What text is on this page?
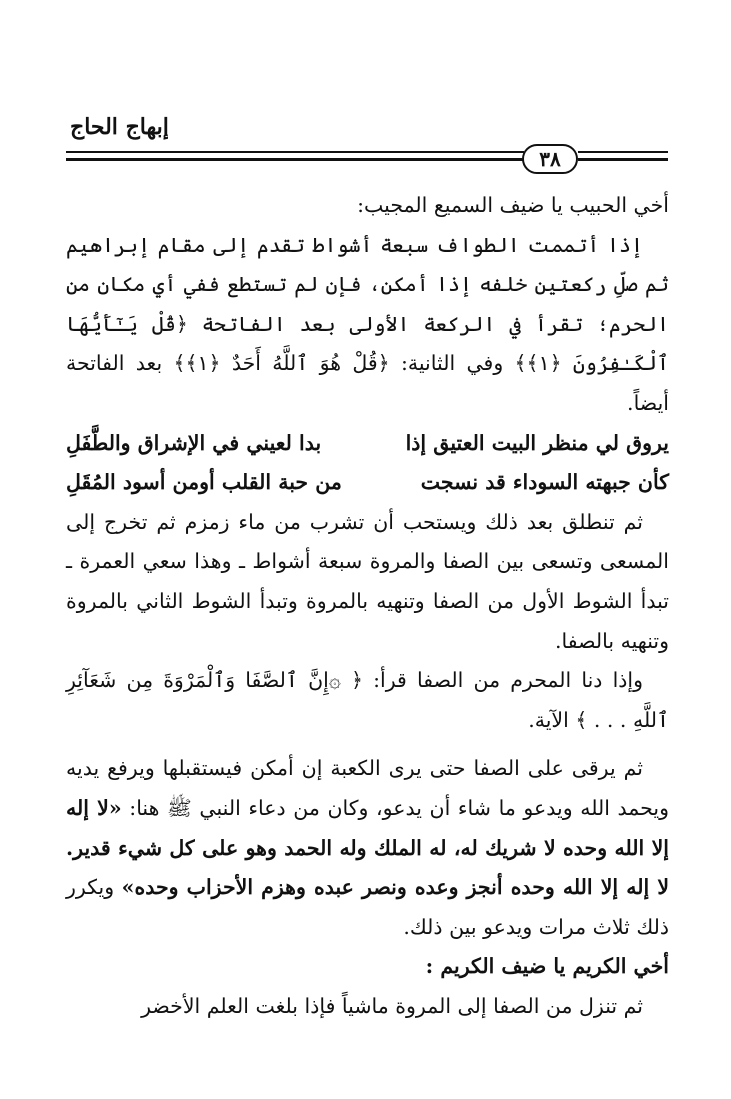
إبهاج الحاج
٣٨

أخي الحبيب يا ضيف السميع المجيب:

إذا أتممت الطواف سبعة أشواط تقدم إلى مقام إبراهيم ثم صلِّ ركعتين خلفه إذا أمكن، فإن لم تستطع ففي أي مكان من الحرم؛ تقرأ في الركعة الأولى بعد الفاتحة ﴿قُلْ يَـٰٓأَيُّهَا ٱلْكَـٰفِرُونَ ﴿١﴾﴾ وفي الثانية: ﴿قُلْ هُوَ ٱللَّهُ أَحَدٌ ﴿١﴾﴾ بعد الفاتحة أيضاً.

يروق لي منظر البيت العتيق إذا
بدا لعيني في الإشراق والطَّفَلِ
كأن جبهته السوداء قد نسجت
من حبة القلب أومن أسود المُقَلِ

ثم تنطلق بعد ذلك ويستحب أن تشرب من ماء زمزم ثم تخرج إلى المسعى وتسعى بين الصفا والمروة سبعة أشواط ـ وهذا سعي العمرة ـ تبدأ الشوط الأول من الصفا وتنهيه بالمروة وتبدأ الشوط الثاني بالمروة وتنهيه بالصفا.

وإذا دنا المحرم من الصفا قرأ: ﴿ ۞إِنَّ ٱلصَّفَا وَٱلْمَرْوَةَ مِن شَعَآئِرِ ٱللَّهِ . . . ﴾ الآية.

ثم يرقى على الصفا حتى يرى الكعبة إن أمكن فيستقبلها ويرفع يديه ويحمد الله ويدعو ما شاء أن يدعو، وكان من دعاء النبي ﷺ هنا: «لا إله إلا الله وحده لا شريك له، له الملك وله الحمد وهو على كل شيء قدير. لا إله إلا الله وحده أنجز وعده ونصر عبده وهزم الأحزاب وحده» ويكرر ذلك ثلاث مرات ويدعو بين ذلك.

أخي الكريم يا ضيف الكريم :

ثم تنزل من الصفا إلى المروة ماشياً فإذا بلغت العلم الأخضر
